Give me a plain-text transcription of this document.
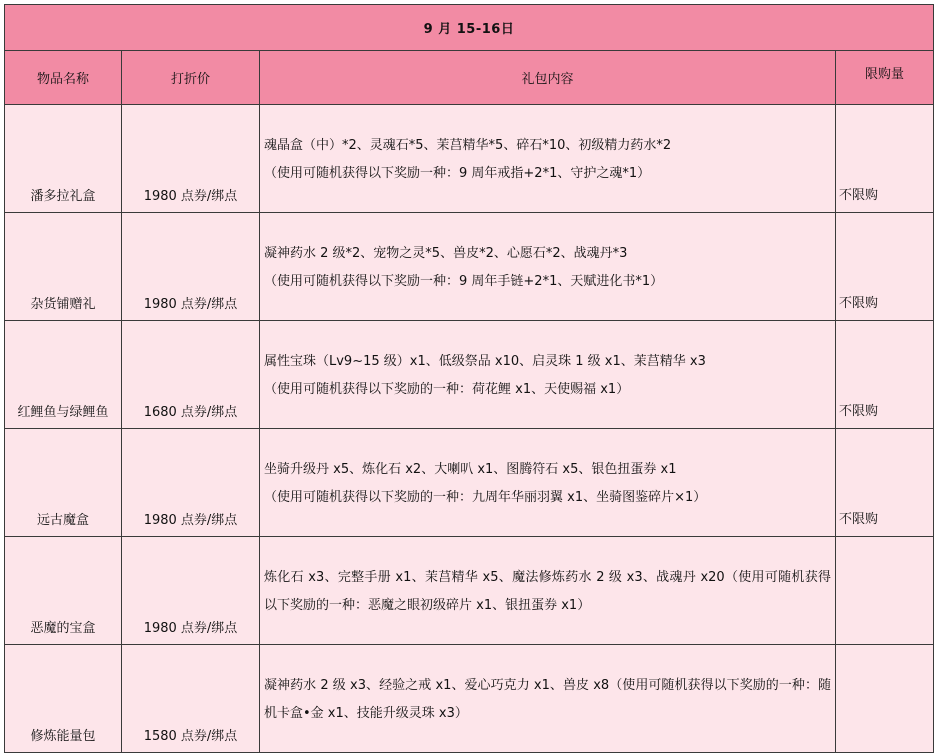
9 月 15-16日			
物品名称	打折价	礼包内容	限购量
潘多拉礼盒	1980 点券/绑点	魂晶盒（中）*2、灵魂石*5、茉莒精华*5、碎石*10、初级精力药水*2
（使用可随机获得以下奖励一种：9 周年戒指+2*1、守护之魂*1）	不限购
杂货铺赠礼	1980 点券/绑点	凝神药水 2 级*2、宠物之灵*5、兽皮*2、心愿石*2、战魂丹*3
（使用可随机获得以下奖励一种：9 周年手链+2*1、天赋进化书*1）	不限购
红鲤鱼与绿鲤鱼	1680 点券/绑点	属性宝珠（Lv9~15 级）x1、低级祭品 x10、启灵珠 1 级 x1、茉莒精华 x3
（使用可随机获得以下奖励的一种：荷花鲤 x1、天使赐福 x1）	不限购
远古魔盒	1980 点券/绑点	坐骑升级丹 x5、炼化石 x2、大喇叭 x1、图腾符石 x5、银色扭蛋券 x1
（使用可随机获得以下奖励的一种：九周年华丽羽翼 x1、坐骑图鉴碎片×1）	不限购
恶魔的宝盒	1980 点券/绑点	炼化石 x3、完整手册 x1、茉莒精华 x5、魔法修炼药水 2 级 x3、战魂丹 x20（使用可随机获得以下奖励的一种：恶魔之眼初级碎片 x1、银扭蛋券 x1）	

修炼能量包	1580 点券/绑点	凝神药水 2 级 x3、经验之戒 x1、爱心巧克力 x1、兽皮 x8（使用可随机获得以下奖励的一种：随机卡盒•金 x1、技能升级灵珠 x3）	
